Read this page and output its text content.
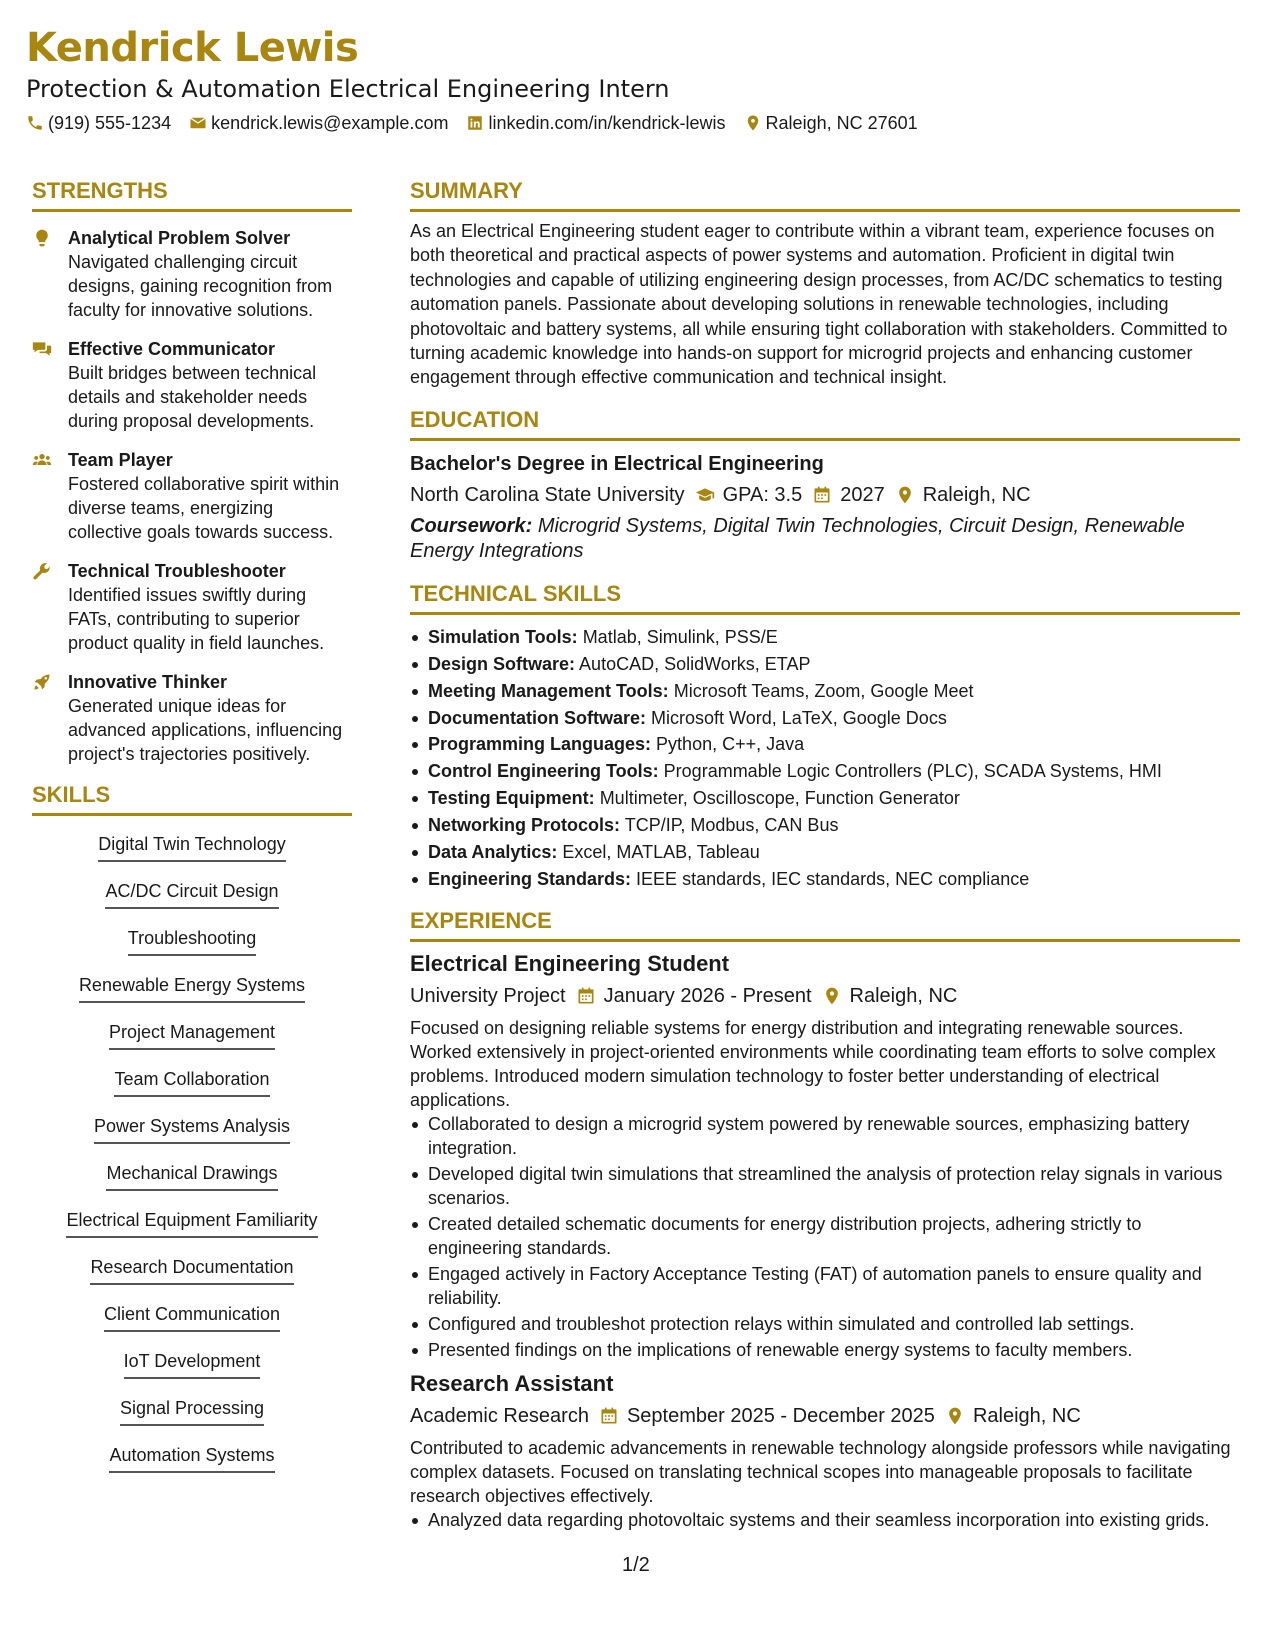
Kendrick Lewis
Protection & Automation Electrical Engineering Intern
(919) 555-1234 kendrick.lewis@example.com linkedin.com/in/kendrick-lewis Raleigh, NC 27601
STRENGTHS
Analytical Problem Solver
Navigated challenging circuit designs, gaining recognition from faculty for innovative solutions.
Effective Communicator
Built bridges between technical details and stakeholder needs during proposal developments.
Team Player
Fostered collaborative spirit within diverse teams, energizing collective goals towards success.
Technical Troubleshooter
Identified issues swiftly during FATs, contributing to superior product quality in field launches.
Innovative Thinker
Generated unique ideas for advanced applications, influencing project's trajectories positively.
SKILLS
Digital Twin Technology
AC/DC Circuit Design
Troubleshooting
Renewable Energy Systems
Project Management
Team Collaboration
Power Systems Analysis
Mechanical Drawings
Electrical Equipment Familiarity
Research Documentation
Client Communication
IoT Development
Signal Processing
Automation Systems
SUMMARY
As an Electrical Engineering student eager to contribute within a vibrant team, experience focuses on both theoretical and practical aspects of power systems and automation. Proficient in digital twin technologies and capable of utilizing engineering design processes, from AC/DC schematics to testing automation panels. Passionate about developing solutions in renewable technologies, including photovoltaic and battery systems, all while ensuring tight collaboration with stakeholders. Committed to turning academic knowledge into hands-on support for microgrid projects and enhancing customer engagement through effective communication and technical insight.
EDUCATION
Bachelor's Degree in Electrical Engineering
North Carolina State University GPA: 3.5 2027 Raleigh, NC
Coursework: Microgrid Systems, Digital Twin Technologies, Circuit Design, Renewable Energy Integrations
TECHNICAL SKILLS
Simulation Tools: Matlab, Simulink, PSS/E
Design Software: AutoCAD, SolidWorks, ETAP
Meeting Management Tools: Microsoft Teams, Zoom, Google Meet
Documentation Software: Microsoft Word, LaTeX, Google Docs
Programming Languages: Python, C++, Java
Control Engineering Tools: Programmable Logic Controllers (PLC), SCADA Systems, HMI
Testing Equipment: Multimeter, Oscilloscope, Function Generator
Networking Protocols: TCP/IP, Modbus, CAN Bus
Data Analytics: Excel, MATLAB, Tableau
Engineering Standards: IEEE standards, IEC standards, NEC compliance
EXPERIENCE
Electrical Engineering Student
University Project January 2026 - Present Raleigh, NC
Focused on designing reliable systems for energy distribution and integrating renewable sources. Worked extensively in project-oriented environments while coordinating team efforts to solve complex problems. Introduced modern simulation technology to foster better understanding of electrical applications.
Collaborated to design a microgrid system powered by renewable sources, emphasizing battery integration.
Developed digital twin simulations that streamlined the analysis of protection relay signals in various scenarios.
Created detailed schematic documents for energy distribution projects, adhering strictly to engineering standards.
Engaged actively in Factory Acceptance Testing (FAT) of automation panels to ensure quality and reliability.
Configured and troubleshot protection relays within simulated and controlled lab settings.
Presented findings on the implications of renewable energy systems to faculty members.
Research Assistant
Academic Research September 2025 - December 2025 Raleigh, NC
Contributed to academic advancements in renewable technology alongside professors while navigating complex datasets. Focused on translating technical scopes into manageable proposals to facilitate research objectives effectively.
Analyzed data regarding photovoltaic systems and their seamless incorporation into existing grids.
1/2
